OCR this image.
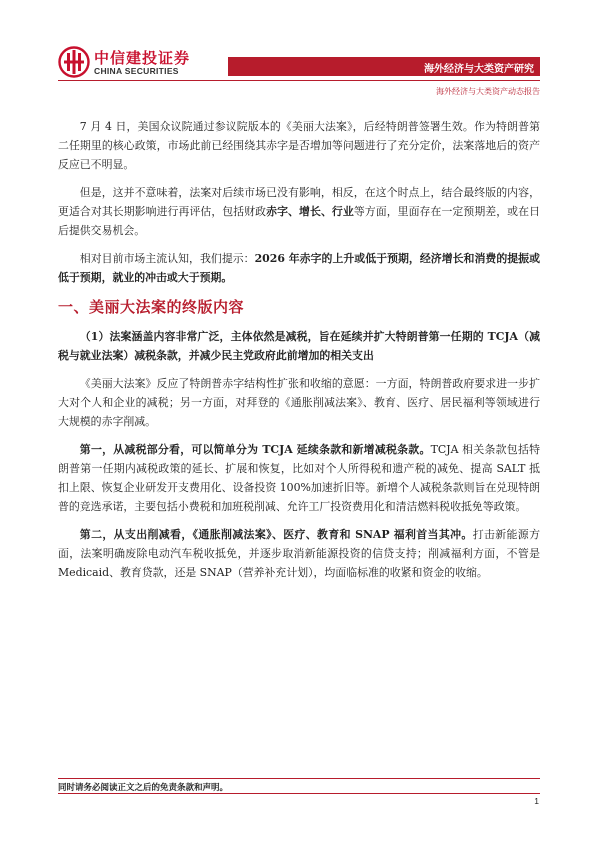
中信建投证券
CHINA SECURITIES	海外经济与大类资产研究
海外经济与大类资产动态报告

7 月 4 日，美国众议院通过参议院版本的《美丽大法案》，后经特朗普签署生效。作为特朗普第二任期里的核心政策，市场此前已经围绕其赤字是否增加等问题进行了充分定价，法案落地后的资产反应已不明显。

但是，这并不意味着，法案对后续市场已没有影响，相反，在这个时点上，结合最终版的内容，更适合对其长期影响进行再评估，包括财政赤字、增长、行业等方面，里面存在一定预期差，或在日后提供交易机会。

相对目前市场主流认知，我们提示：2026 年赤字的上升或低于预期，经济增长和消费的提振或低于预期，就业的冲击或大于预期。

一、美丽大法案的终版内容

（1）法案涵盖内容非常广泛，主体依然是减税，旨在延续并扩大特朗普第一任期的 TCJA（减税与就业法案）减税条款，并减少民主党政府此前增加的相关支出

《美丽大法案》反应了特朗普赤字结构性扩张和收缩的意愿：一方面，特朗普政府要求进一步扩大对个人和企业的减税；另一方面，对拜登的《通胀削减法案》、教育、医疗、居民福利等领域进行大规模的赤字削减。

第一，从减税部分看，可以简单分为 TCJA 延续条款和新增减税条款。TCJA 相关条款包括特朗普第一任期内减税政策的延长、扩展和恢复，比如对个人所得税和遗产税的减免、提高 SALT 抵扣上限、恢复企业研发开支费用化、设备投资 100%加速折旧等。新增个人减税条款则旨在兑现特朗普的竞选承诺，主要包括小费税和加班税削减、允许工厂投资费用化和清洁燃料税收抵免等政策。

第二，从支出削减看，《通胀削减法案》、医疗、教育和 SNAP 福利首当其冲。打击新能源方面，法案明确废除电动汽车税收抵免，并逐步取消新能源投资的信贷支持；削减福利方面，不管是 Medicaid、教育贷款，还是 SNAP（营养补充计划），均面临标准的收紧和资金的收缩。

同时请务必阅读正文之后的免责条款和声明。
1
